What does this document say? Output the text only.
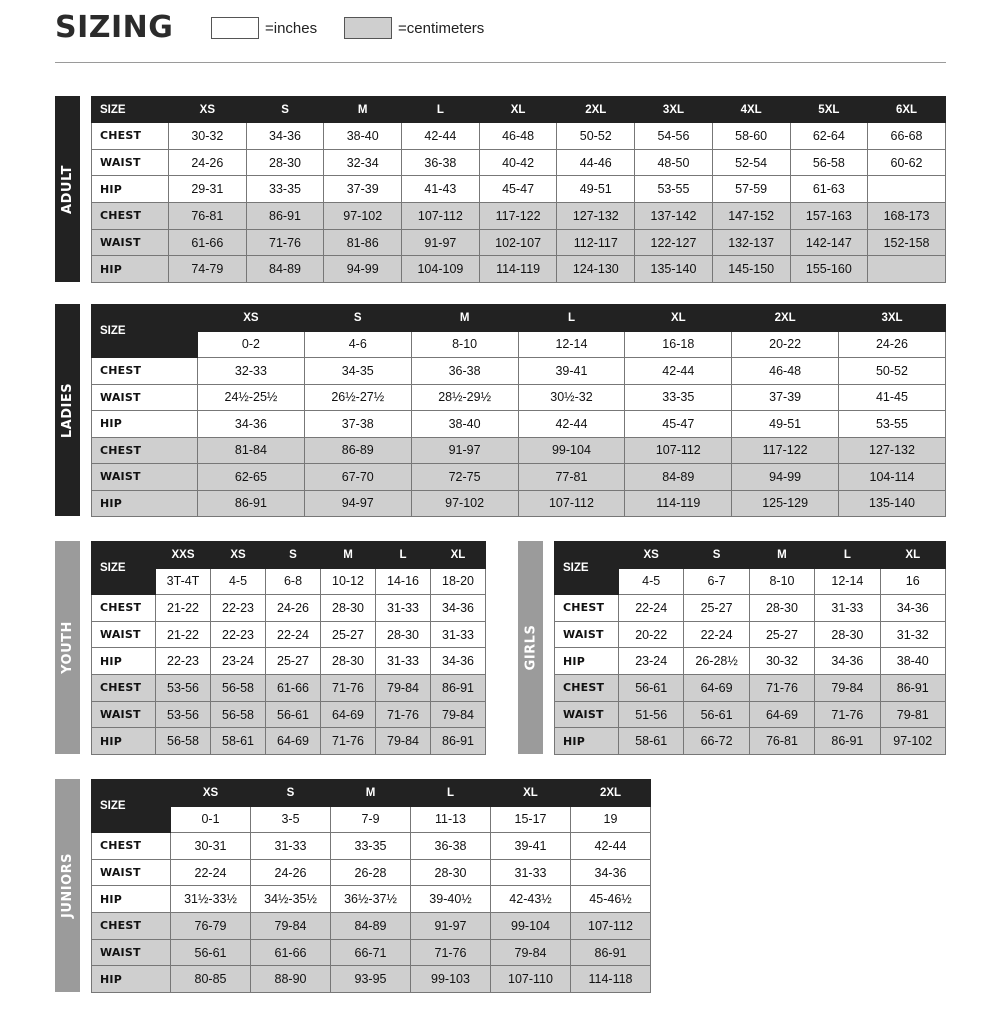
SIZING	=inches	=centimeters
ADULT
SIZE	XS	S	M	L	XL	2XL	3XL	4XL	5XL	6XL
CHEST	30-32	34-36	38-40	42-44	46-48	50-52	54-56	58-60	62-64	66-68
WAIST	24-26	28-30	32-34	36-38	40-42	44-46	48-50	52-54	56-58	60-62
HIP	29-31	33-35	37-39	41-43	45-47	49-51	53-55	57-59	61-63	
CHEST	76-81	86-91	97-102	107-112	117-122	127-132	137-142	147-152	157-163	168-173
WAIST	61-66	71-76	81-86	91-97	102-107	112-117	122-127	132-137	142-147	152-158
HIP	74-79	84-89	94-99	104-109	114-119	124-130	135-140	145-150	155-160	
LADIES
SIZE	XS	S	M	L	XL	2XL	3XL
	0-2	4-6	8-10	12-14	16-18	20-22	24-26
CHEST	32-33	34-35	36-38	39-41	42-44	46-48	50-52
WAIST	24½-25½	26½-27½	28½-29½	30½-32	33-35	37-39	41-45
HIP	34-36	37-38	38-40	42-44	45-47	49-51	53-55
CHEST	81-84	86-89	91-97	99-104	107-112	117-122	127-132
WAIST	62-65	67-70	72-75	77-81	84-89	94-99	104-114
HIP	86-91	94-97	97-102	107-112	114-119	125-129	135-140
YOUTH
SIZE	XXS	XS	S	M	L	XL
	3T-4T	4-5	6-8	10-12	14-16	18-20
CHEST	21-22	22-23	24-26	28-30	31-33	34-36
WAIST	21-22	22-23	22-24	25-27	28-30	31-33
HIP	22-23	23-24	25-27	28-30	31-33	34-36
CHEST	53-56	56-58	61-66	71-76	79-84	86-91
WAIST	53-56	56-58	56-61	64-69	71-76	79-84
HIP	56-58	58-61	64-69	71-76	79-84	86-91
GIRLS
SIZE	XS	S	M	L	XL
	4-5	6-7	8-10	12-14	16
CHEST	22-24	25-27	28-30	31-33	34-36
WAIST	20-22	22-24	25-27	28-30	31-32
HIP	23-24	26-28½	30-32	34-36	38-40
CHEST	56-61	64-69	71-76	79-84	86-91
WAIST	51-56	56-61	64-69	71-76	79-81
HIP	58-61	66-72	76-81	86-91	97-102
JUNIORS
SIZE	XS	S	M	L	XL	2XL
	0-1	3-5	7-9	11-13	15-17	19
CHEST	30-31	31-33	33-35	36-38	39-41	42-44
WAIST	22-24	24-26	26-28	28-30	31-33	34-36
HIP	31½-33½	34½-35½	36½-37½	39-40½	42-43½	45-46½
CHEST	76-79	79-84	84-89	91-97	99-104	107-112
WAIST	56-61	61-66	66-71	71-76	79-84	86-91
HIP	80-85	88-90	93-95	99-103	107-110	114-118
